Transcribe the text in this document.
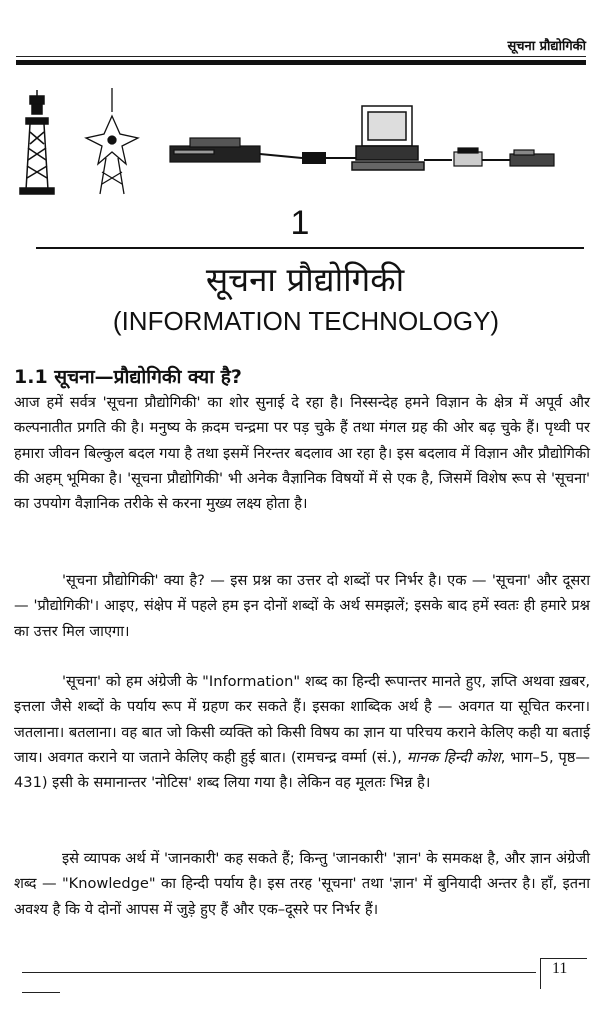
सूचना प्रौद्योगिकी
1
सूचना प्रौद्योगिकी
(INFORMATION TECHNOLOGY)
1.1 सूचना—प्रौद्योगिकी क्या है?

आज हमें सर्वत्र 'सूचना प्रौद्योगिकी' का शोर सुनाई दे रहा है। निस्सन्देह हमने विज्ञान के क्षेत्र में अपूर्व और कल्पनातीत प्रगति की है। मनुष्य के क़दम चन्द्रमा पर पड़ चुके हैं तथा मंगल ग्रह की ओर बढ़ चुके हैं। पृथ्वी पर हमारा जीवन बिल्कुल बदल गया है तथा इसमें निरन्तर बदलाव आ रहा है। इस बदलाव में विज्ञान और प्रौद्योगिकी की अहम् भूमिका है। 'सूचना प्रौद्योगिकी' भी अनेक वैज्ञानिक विषयों में से एक है, जिसमें विशेष रूप से 'सूचना' का उपयोग वैज्ञानिक तरीके से करना मुख्य लक्ष्य होता है।

'सूचना प्रौद्योगिकी' क्या है? — इस प्रश्न का उत्तर दो शब्दों पर निर्भर है। एक — 'सूचना' और दूसरा — 'प्रौद्योगिकी'। आइए, संक्षेप में पहले हम इन दोनों शब्दों के अर्थ समझलें; इसके बाद हमें स्वतः ही हमारे प्रश्न का उत्तर मिल जाएगा।

'सूचना' को हम अंग्रेजी के "Information" शब्द का हिन्दी रूपान्तर मानते हुए, ज्ञप्ति अथवा ख़बर, इत्तला जैसे शब्दों के पर्याय रूप में ग्रहण कर सकते हैं। इसका शाब्दिक अर्थ है — अवगत या सूचित करना। जतलाना। बतलाना। वह बात जो किसी व्यक्ति को किसी विषय का ज्ञान या परिचय कराने केलिए कही या बताई जाय। अवगत कराने या जताने केलिए कही हुई बात। (रामचन्द्र वर्म्मा (सं.), मानक हिन्दी कोश, भाग–5, पृष्ठ— 431) इसी के समानान्तर 'नोटिस' शब्द लिया गया है। लेकिन वह मूलतः भिन्न है।

इसे व्यापक अर्थ में 'जानकारी' कह सकते हैं; किन्तु 'जानकारी' 'ज्ञान' के समकक्ष है, और ज्ञान अंग्रेजी शब्द — "Knowledge" का हिन्दी पर्याय है। इस तरह 'सूचना' तथा 'ज्ञान' में बुनियादी अन्तर है। हाँ, इतना अवश्य है कि ये दोनों आपस में जुड़े हुए हैं और एक–दूसरे पर निर्भर हैं।

11
